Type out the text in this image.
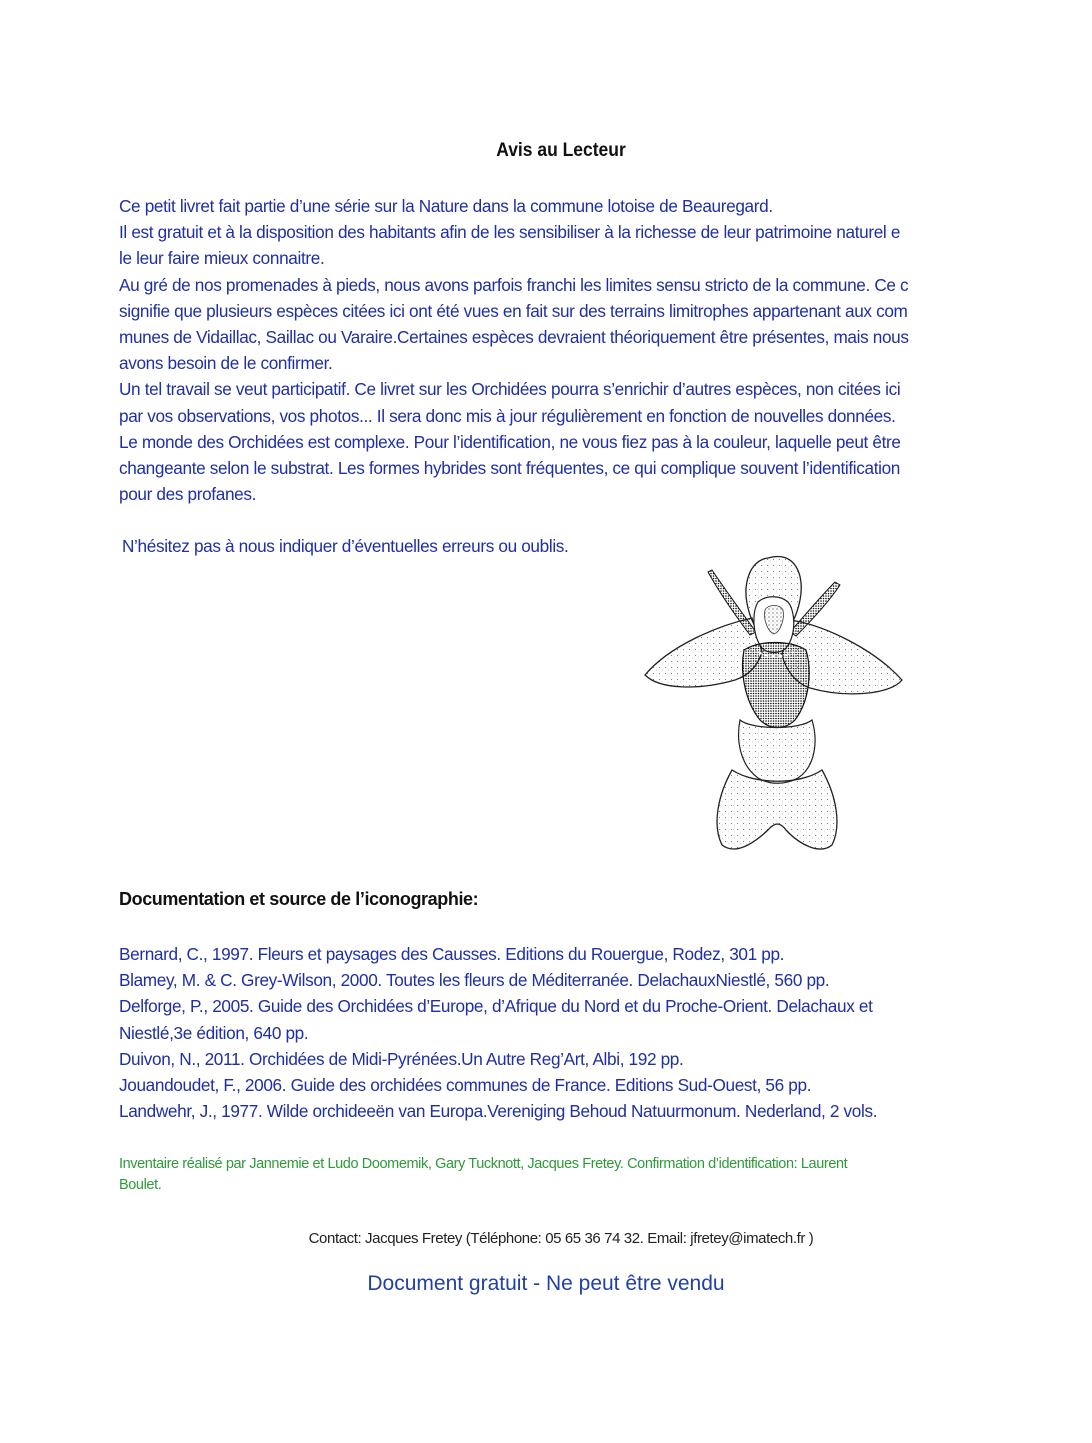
Avis au Lecteur
Ce petit livret fait partie d’une série sur la Nature dans la commune lotoise de Beauregard.
Il est gratuit et à la disposition des habitants afin de les sensibiliser à la richesse de leur patrimoine naturel e
le leur faire mieux connaitre.
Au gré de nos promenades à pieds, nous avons parfois franchi les limites sensu stricto de la commune. Ce c
signifie que plusieurs espèces citées ici ont été vues en fait sur des terrains limitrophes appartenant aux com
munes de Vidaillac, Saillac ou Varaire.Certaines espèces devraient théoriquement être présentes, mais nous
avons besoin de le confirmer.
Un tel travail se veut participatif. Ce livret sur les Orchidées pourra s’enrichir d’autres espèces, non citées ici
par vos observations, vos photos... Il sera donc mis à jour régulièrement en fonction de nouvelles données.
Le monde des Orchidées est complexe. Pour l’identification, ne vous fiez pas à la couleur, laquelle peut être
changeante selon le substrat. Les formes hybrides sont fréquentes, ce qui complique souvent l’identification
pour des profanes.
N’hésitez pas à nous indiquer d’éventuelles erreurs ou oublis.
Documentation et source de l’iconographie:
Bernard, C., 1997. Fleurs et paysages des Causses. Editions du Rouergue, Rodez, 301 pp.
Blamey, M. & C. Grey-Wilson, 2000. Toutes les fleurs de Méditerranée. DelachauxNiestlé, 560 pp.
Delforge, P., 2005. Guide des Orchidées d’Europe, d’Afrique du Nord et du Proche-Orient. Delachaux et
Niestlé,3e édition, 640 pp.
Duivon, N., 2011. Orchidées de Midi-Pyrénées.Un Autre Reg’Art, Albi, 192 pp.
Jouandoudet, F., 2006. Guide des orchidées communes de France. Editions Sud-Ouest, 56 pp.
Landwehr, J., 1977. Wilde orchideeën van Europa.Vereniging Behoud Natuurmonum. Nederland, 2 vols.
Inventaire réalisé par Jannemie et Ludo Doomemik, Gary Tucknott, Jacques Fretey. Confirmation d’identification: Laurent
Boulet.
Contact: Jacques Fretey (Téléphone: 05 65 36 74 32. Email: jfretey@imatech.fr )
Document gratuit - Ne peut être vendu
